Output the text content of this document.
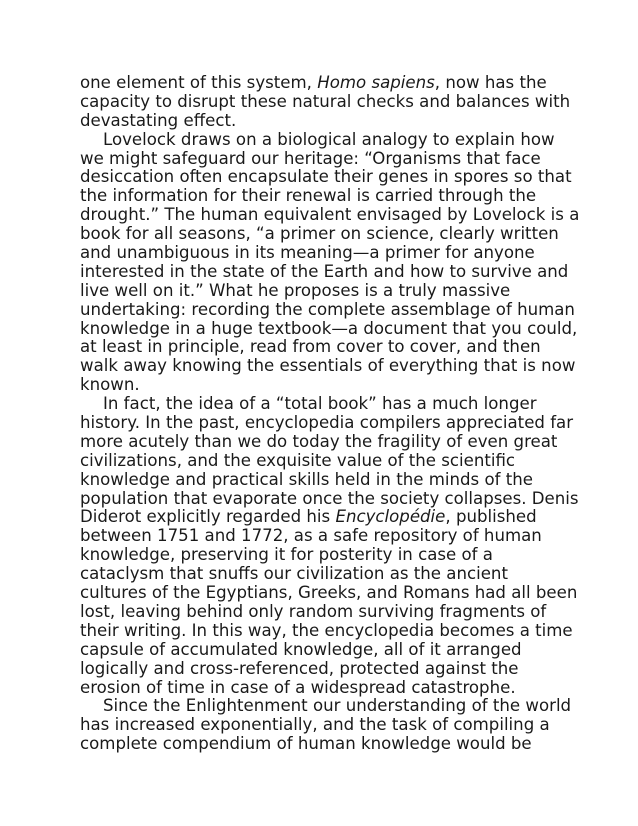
one element of this system, Homo sapiens, now has the
capacity to disrupt these natural checks and balances with
devastating effect.
Lovelock draws on a biological analogy to explain how
we might safeguard our heritage: “Organisms that face
desiccation often encapsulate their genes in spores so that
the information for their renewal is carried through the
drought.” The human equivalent envisaged by Lovelock is a
book for all seasons, “a primer on science, clearly written
and unambiguous in its meaning—a primer for anyone
interested in the state of the Earth and how to survive and
live well on it.” What he proposes is a truly massive
undertaking: recording the complete assemblage of human
knowledge in a huge textbook—a document that you could,
at least in principle, read from cover to cover, and then
walk away knowing the essentials of everything that is now
known.
In fact, the idea of a “total book” has a much longer
history. In the past, encyclopedia compilers appreciated far
more acutely than we do today the fragility of even great
civilizations, and the exquisite value of the scientific
knowledge and practical skills held in the minds of the
population that evaporate once the society collapses. Denis
Diderot explicitly regarded his Encyclopédie, published
between 1751 and 1772, as a safe repository of human
knowledge, preserving it for posterity in case of a
cataclysm that snuffs our civilization as the ancient
cultures of the Egyptians, Greeks, and Romans had all been
lost, leaving behind only random surviving fragments of
their writing. In this way, the encyclopedia becomes a time
capsule of accumulated knowledge, all of it arranged
logically and cross-referenced, protected against the
erosion of time in case of a widespread catastrophe.
Since the Enlightenment our understanding of the world
has increased exponentially, and the task of compiling a
complete compendium of human knowledge would be
